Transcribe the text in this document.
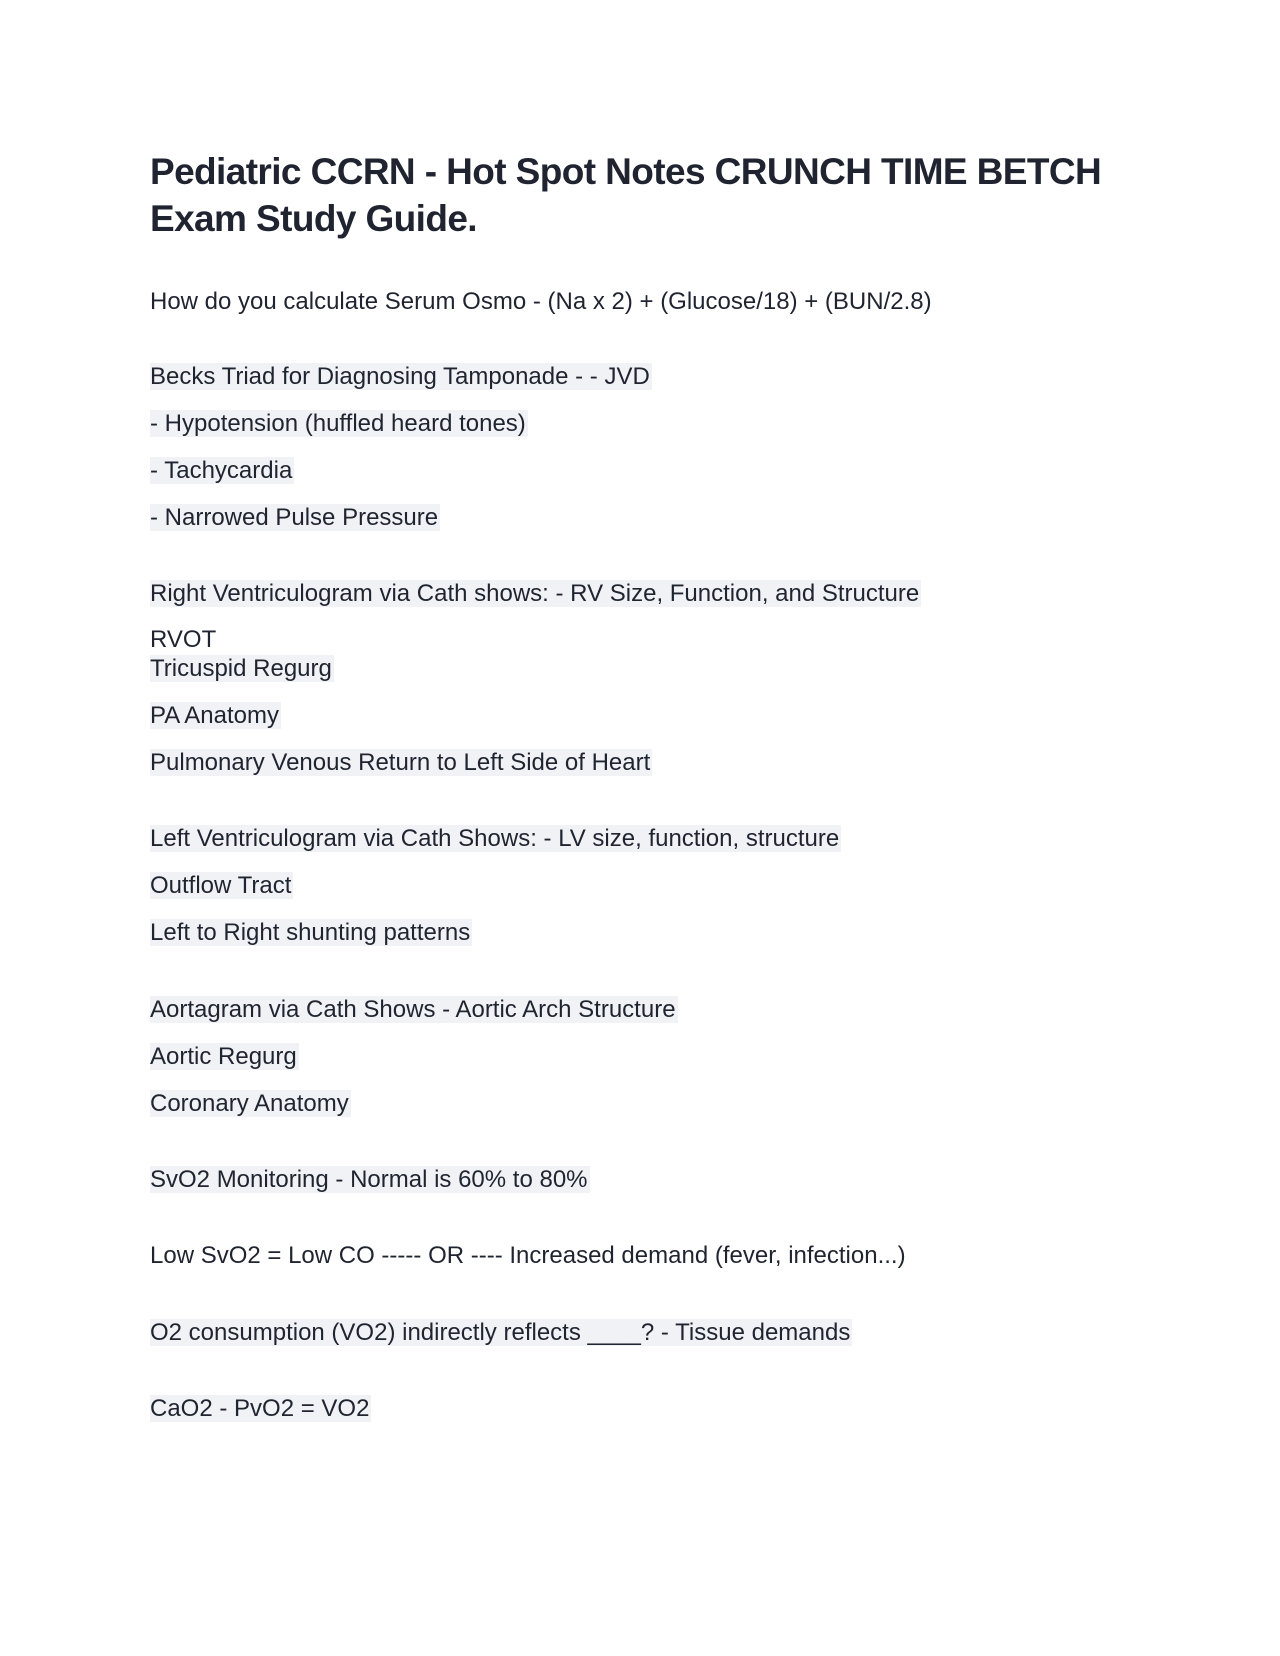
Pediatric CCRN - Hot Spot Notes CRUNCH TIME BETCH
Exam Study Guide.
How do you calculate Serum Osmo - (Na x 2) + (Glucose/18) + (BUN/2.8)
Becks Triad for Diagnosing Tamponade - - JVD
- Hypotension (huffled heard tones)
- Tachycardia
- Narrowed Pulse Pressure
Right Ventriculogram via Cath shows: - RV Size, Function, and Structure
RVOT
Tricuspid Regurg
PA Anatomy
Pulmonary Venous Return to Left Side of Heart
Left Ventriculogram via Cath Shows: - LV size, function, structure
Outflow Tract
Left to Right shunting patterns
Aortagram via Cath Shows - Aortic Arch Structure
Aortic Regurg
Coronary Anatomy
SvO2 Monitoring - Normal is 60% to 80%
Low SvO2 = Low CO ----- OR ---- Increased demand (fever, infection...)
O2 consumption (VO2) indirectly reflects ____? - Tissue demands
CaO2 - PvO2 = VO2
